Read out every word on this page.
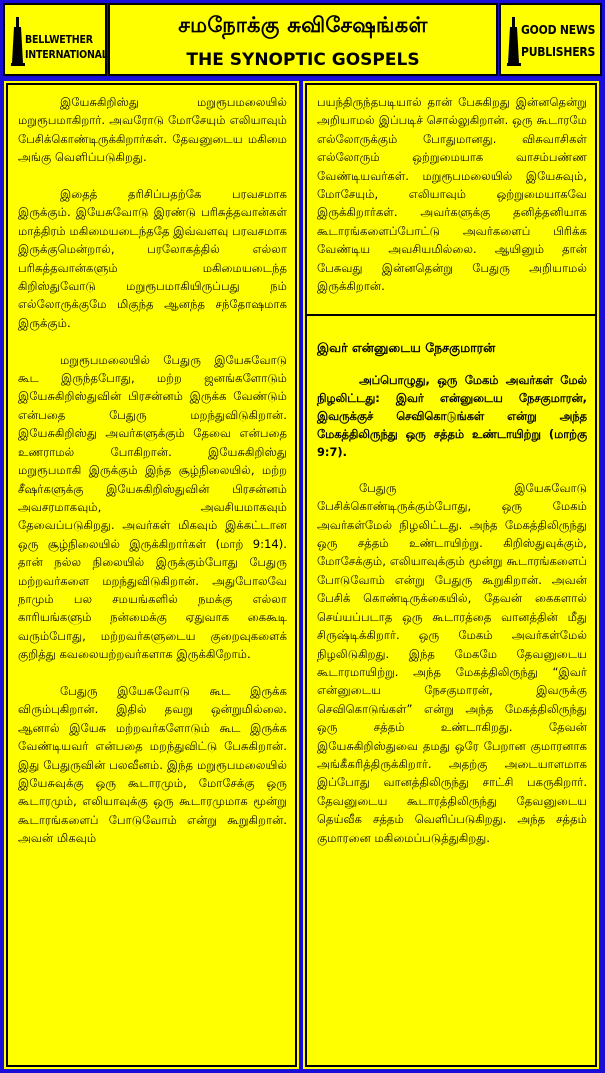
BELLWETHER
INTERNATIONAL
சமநோக்கு சுவிசேஷங்கள்
THE SYNOPTIC GOSPELS
GOOD NEWS
PUBLISHERS

இயேசுகிறிஸ்து மறுரூபமலையில் மறுரூபமாகிறார். அவரோடு மோசேயும் எலியாவும் பேசிக்கொண்டிருக்கிறார்கள். தேவனுடைய மகிமை அங்கு வெளிப்படுகிறது.

இதைத் தரிசிப்பதற்கே பரவசமாக இருக்கும். இயேசுவோடு இரண்டு பரிசுத்தவான்கள் மாத்திரம் மகிமையடைந்ததே இவ்வளவு பரவசமாக இருக்குமென்றால், பரலோகத்தில் எல்லா பரிசுத்தவான்களும் மகிமையடைந்த கிறிஸ்துவோடு மறுரூபமாகியிருப்பது நம் எல்லோருக்குமே மிகுந்த ஆனந்த சந்தோஷமாக இருக்கும்.

மறுரூபமலையில் பேதுரு இயேசுவோடு கூட இருந்தபோது, மற்ற ஜனங்களோடும் இயேசுகிறிஸ்துவின் பிரசன்னம் இருக்க வேண்டும் என்பதை பேதுரு மறந்துவிடுகிறான். இயேசுகிறிஸ்து அவர்களுக்கும் தேவை என்பதை உணராமல் போகிறான். இயேசுகிறிஸ்து மறுரூபமாகி இருக்கும் இந்த சூழ்நிலையில், மற்ற சீஷர்களுக்கு இயேசுகிறிஸ்துவின் பிரசன்னம் அவசரமாகவும், அவசியமாகவும் தேவைப்படுகிறது. அவர்கள் மிகவும் இக்கட்டான ஒரு சூழ்நிலையில் இருக்கிறார்கள் (மாற் 9:14). தான் நல்ல நிலையில் இருக்கும்போது பேதுரு மற்றவர்களை மறந்துவிடுகிறான். அதுபோலவே நாமும் பல சமயங்களில் நமக்கு எல்லா காரியங்களும் நன்மைக்கு ஏதுவாக கைகூடி வரும்போது, மற்றவர்களுடைய குறைவுகளைக் குறித்து கவலையற்றவர்களாக இருக்கிறோம்.

பேதுரு இயேசுவோடு கூட இருக்க விரும்புகிறான். இதில் தவறு ஒன்றுமில்லை. ஆனால் இயேசு மற்றவர்களோடும் கூட இருக்க வேண்டியவர் என்பதை மறந்துவிட்டு பேசுகிறான். இது பேதுருவின் பலவீனம். இந்த மறுரூபமலையில் இயேசுவுக்கு ஒரு கூடாரமும், மோசேக்கு ஒரு கூடாரமும், எலியாவுக்கு ஒரு கூடாரமுமாக மூன்று கூடாரங்களைப் போடுவோம் என்று கூறுகிறான். அவன் மிகவும்

பயந்திருந்தபடியால் தான் பேசுகிறது இன்னதென்று அறியாமல் இப்படிச் சொல்லுகிறான். ஒரு கூடாரமே எல்லோருக்கும் போதுமானது. விசுவாசிகள் எல்லோரும் ஒற்றுமையாக வாசம்பண்ண வேண்டியவர்கள். மறுரூபமலையில் இயேசுவும், மோசேயும், எலியாவும் ஒற்றுமையாகவே இருக்கிறார்கள். அவர்களுக்கு தனித்தனியாக கூடாரங்களைப்போட்டு அவர்களைப் பிரிக்க வேண்டிய அவசியமில்லை. ஆயினும் தான் பேசுவது இன்னதென்று பேதுரு அறியாமல் இருக்கிறான்.

இவர் என்னுடைய நேசகுமாரன்

அப்பொழுது, ஒரு மேகம் அவர்கள் மேல் நிழலிட்டது: இவர் என்னுடைய நேசகுமாரன், இவருக்குச் செவிகொடுங்கள் என்று அந்த மேகத்திலிருந்து ஒரு சத்தம் உண்டாயிற்று (மாற்கு 9:7).

பேதுரு இயேசுவோடு பேசிக்கொண்டிருக்கும்போது, ஒரு மேகம் அவர்கள்மேல் நிழலிட்டது. அந்த மேகத்திலிருந்து ஒரு சத்தம் உண்டாயிற்று. கிறிஸ்துவுக்கும், மோசேக்கும், எலியாவுக்கும் மூன்று கூடாரங்களைப் போடுவோம் என்று பேதுரு கூறுகிறான். அவன் பேசிக் கொண்டிருக்கையில், தேவன் கைகளால் செய்யப்படாத ஒரு கூடாரத்தை வானத்தின் மீது சிருஷ்டிக்கிறார். ஒரு மேகம் அவர்கள்மேல் நிழலிடுகிறது. இந்த மேகமே தேவனுடைய கூடாரமாயிற்று. அந்த மேகத்திலிருந்து “இவர் என்னுடைய நேசகுமாரன், இவருக்கு செவிகொடுங்கள்” என்று அந்த மேகத்திலிருந்து ஒரு சத்தம் உண்டாகிறது. தேவன் இயேசுகிறிஸ்துவை தமது ஒரே பேறான குமாரனாக அங்கீகரித்திருக்கிறார். அதற்கு அடையாளமாக இப்போது வானத்திலிருந்து சாட்சி பகருகிறார். தேவனுடைய கூடாரத்திலிருந்து தேவனுடைய தெய்வீக சத்தம் வெளிப்படுகிறது. அந்த சத்தம் குமாரனை மகிமைப்படுத்துகிறது.
